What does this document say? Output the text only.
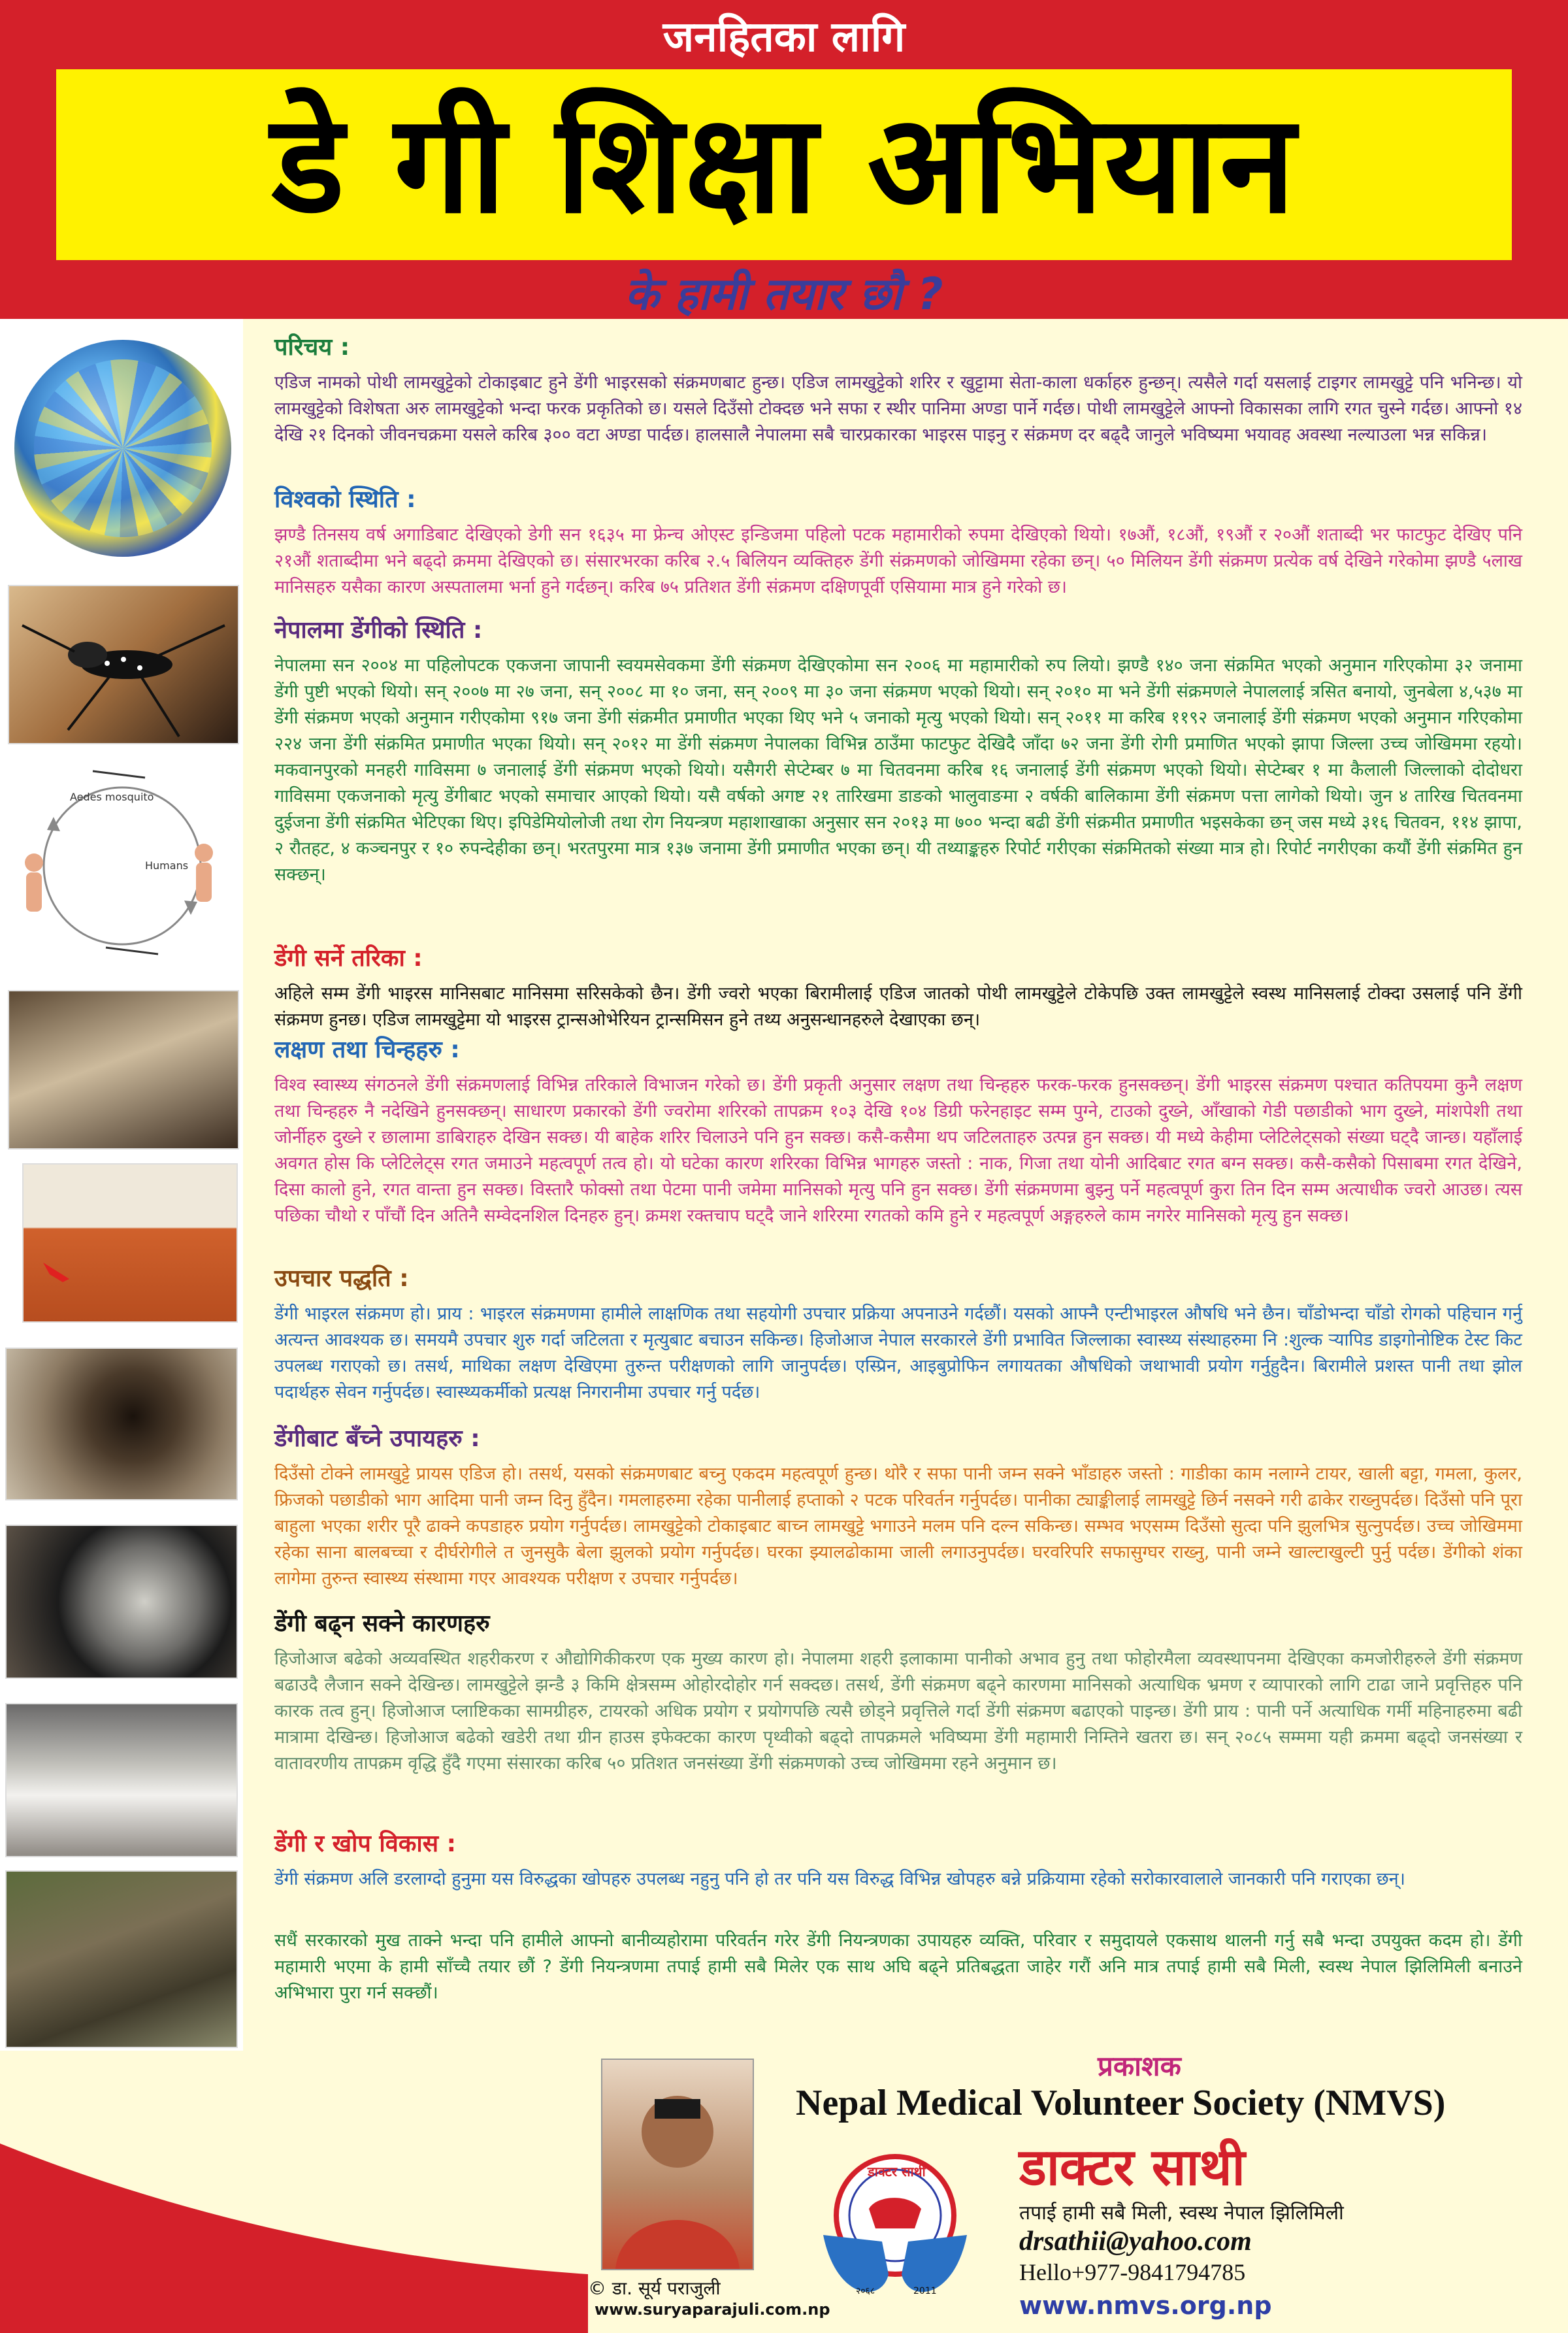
जनहितका लागि
डे गी शिक्षा अभियान
के हामी तयार छौ ?
Aedes mosquito
Humans
परिचय :

एडिज नामको पोथी लामखुट्टेको टोकाइबाट हुने डेंगी भाइरसको संक्रमणबाट हुन्छ। एडिज लामखुट्टेको शरिर र खुट्टामा सेता-काला धर्काहरु हुन्छन्। त्यसैले गर्दा यसलाई टाइगर लामखुट्टे पनि भनिन्छ। यो लामखुट्टेको विशेषता अरु लामखुट्टेको भन्दा फरक प्रकृतिको छ। यसले दिउँसो टोक्दछ भने सफा र स्थीर पानिमा अण्डा पार्ने गर्दछ। पोथी लामखुट्टेले आफ्नो विकासका लागि रगत चुस्ने गर्दछ। आफ्नो १४ देखि २१ दिनको जीवनचक्रमा यसले करिब ३०० वटा अण्डा पार्दछ। हालसालै नेपालमा सबै चारप्रकारका भाइरस पाइनु र संक्रमण दर बढ्दै जानुले भविष्यमा भयावह अवस्था नल्याउला भन्न सकिन्न।

विश्वको स्थिति :

झण्डै तिनसय वर्ष अगाडिबाट देखिएको डेगी सन १६३५ मा फ्रेन्च ओएस्ट इन्डिजमा पहिलो पटक महामारीको रुपमा देखिएको थियो। १७औं, १८औं, १९औं र २०औं शताब्दी भर फाटफुट देखिए पनि २१औं शताब्दीमा भने बढ्दो क्रममा देखिएको छ। संसारभरका करिब २.५ बिलियन व्यक्तिहरु डेंगी संक्रमणको जोखिममा रहेका छन्। ५० मिलियन डेंगी संक्रमण प्रत्येक वर्ष देखिने गरेकोमा झण्डै ५लाख मानिसहरु यसैका कारण अस्पतालमा भर्ना हुने गर्दछन्। करिब ७५ प्रतिशत डेंगी संक्रमण दक्षिणपूर्वी एसियामा मात्र हुने गरेको छ।

नेपालमा डेंगीको स्थिति :

नेपालमा सन २००४ मा पहिलोपटक एकजना जापानी स्वयमसेवकमा डेंगी संक्रमण देखिएकोमा सन २००६ मा महामारीको रुप लियो। झण्डै १४० जना संक्रमित भएको अनुमान गरिएकोमा ३२ जनामा डेंगी पुष्टी भएको थियो। सन् २००७ मा २७ जना, सन् २००८ मा १० जना, सन् २००९ मा ३० जना संक्रमण भएको थियो। सन् २०१० मा भने डेंगी संक्रमणले नेपाललाई त्रसित बनायो, जुनबेला ४,५३७ मा डेंगी संक्रमण भएको अनुमान गरीएकोमा ९१७ जना डेंगी संक्रमीत प्रमाणीत भएका थिए भने ५ जनाको मृत्यु भएको थियो। सन् २०११ मा करिब ११९२ जनालाई डेंगी संक्रमण भएको अनुमान गरिएकोमा २२४ जना डेंगी संक्रमित प्रमाणीत भएका थियो। सन् २०१२ मा डेंगी संक्रमण नेपालका विभिन्न ठाउँमा फाटफुट देखिदै जाँदा ७२ जना डेंगी रोगी प्रमाणित भएको झापा जिल्ला उच्च जोखिममा रहयो। मकवानपुरको मनहरी गाविसमा ७ जनालाई डेंगी संक्रमण भएको थियो। यसैगरी सेप्टेम्बर ७ मा चितवनमा करिब १६ जनालाई डेंगी संक्रमण भएको थियो। सेप्टेम्बर १ मा कैलाली जिल्लाको दोदोधरा गाविसमा एकजनाको मृत्यु डेंगीबाट भएको समाचार आएको थियो। यसै वर्षको अगष्ट २१ तारिखमा डाङको भालुवाङमा २ वर्षकी बालिकामा डेंगी संक्रमण पत्ता लागेको थियो। जुन ४ तारिख चितवनमा दुईजना डेंगी संक्रमित भेटिएका थिए। इपिडेमियोलोजी तथा रोग नियन्त्रण महाशाखाका अनुसार सन २०१३ मा ७०० भन्दा बढी डेंगी संक्रमीत प्रमाणीत भइसकेका छन् जस मध्ये ३१६ चितवन, ११४ झापा, २ रौतहट, ४ कञ्चनपुर र १० रुपन्देहीका छन्। भरतपुरमा मात्र १३७ जनामा डेंगी प्रमाणीत भएका छन्। यी तथ्याङ्कहरु रिपोर्ट गरीएका संक्रमितको संख्या मात्र हो। रिपोर्ट नगरीएका कयौं डेंगी संक्रमित हुन सक्छन्।

डेंगी सर्ने तरिका :

अहिले सम्म डेंगी भाइरस मानिसबाट मानिसमा सरिसकेको छैन। डेंगी ज्वरो भएका बिरामीलाई एडिज जातको पोथी लामखुट्टेले टोकेपछि उक्त लामखुट्टेले स्वस्थ मानिसलाई टोक्दा उसलाई पनि डेंगी संक्रमण हुनछ। एडिज लामखुट्टेमा यो भाइरस ट्रान्सओभेरियन ट्रान्समिसन हुने तथ्य अनुसन्धानहरुले देखाएका छन्।

लक्षण तथा चिन्हहरु :

विश्व स्वास्थ्य संगठनले डेंगी संक्रमणलाई विभिन्न तरिकाले विभाजन गरेको छ। डेंगी प्रकृती अनुसार लक्षण तथा चिन्हहरु फरक-फरक हुनसक्छन्। डेंगी भाइरस संक्रमण पश्चात कतिपयमा कुनै लक्षण तथा चिन्हहरु नै नदेखिने हुनसक्छन्। साधारण प्रकारको डेंगी ज्वरोमा शरिरको तापक्रम १०३ देखि १०४ डिग्री फरेनहाइट सम्म पुग्ने, टाउको दुख्ने, आँखाको गेडी पछाडीको भाग दुख्ने, मांशपेशी तथा जोर्नीहरु दुख्ने र छालामा डाबिराहरु देखिन सक्छ। यी बाहेक शरिर चिलाउने पनि हुन सक्छ। कसै-कसैमा थप जटिलताहरु उत्पन्न हुन सक्छ। यी मध्ये केहीमा प्लेटिलेट्सको संख्या घट्दै जान्छ। यहाँलाई अवगत होस कि प्लेटिलेट्स रगत जमाउने महत्वपूर्ण तत्व हो। यो घटेका कारण शरिरका विभिन्न भागहरु जस्तो : नाक, गिजा तथा योनी आदिबाट रगत बग्न सक्छ। कसै-कसैको पिसाबमा रगत देखिने, दिसा कालो हुने, रगत वान्ता हुन सक्छ। विस्तारै फोक्सो तथा पेटमा पानी जमेमा मानिसको मृत्यु पनि हुन सक्छ। डेंगी संक्रमणमा बुझ्नु पर्ने महत्वपूर्ण कुरा तिन दिन सम्म अत्याधीक ज्वरो आउछ। त्यस पछिका चौथो र पाँचौं दिन अतिनै सम्वेदनशिल दिनहरु हुन्। क्रमश रक्तचाप घट्दै जाने शरिरमा रगतको कमि हुने र महत्वपूर्ण अङ्गहरुले काम नगरेर मानिसको मृत्यु हुन सक्छ।

उपचार पद्धति :

डेंगी भाइरल संक्रमण हो। प्राय : भाइरल संक्रमणमा हामीले लाक्षणिक तथा सहयोगी उपचार प्रक्रिया अपनाउने गर्दछौं। यसको आफ्नै एन्टीभाइरल औषधि भने छैन। चाँडोभन्दा चाँडो रोगको पहिचान गर्नु अत्यन्त आवश्यक छ। समयमै उपचार शुरु गर्दा जटिलता र मृत्युबाट बचाउन सकिन्छ। हिजोआज नेपाल सरकारले डेंगी प्रभावित जिल्लाका स्वास्थ्य संस्थाहरुमा नि :शुल्क र्‍यापिड डाइगोनोष्टिक टेस्ट किट उपलब्ध गराएको छ। तसर्थ, माथिका लक्षण देखिएमा तुरुन्त परीक्षणको लागि जानुपर्दछ। एस्प्रिन, आइबुप्रोफिन लगायतका औषधिको जथाभावी प्रयोग गर्नुहुदैन। बिरामीले प्रशस्त पानी तथा झोल पदार्थहरु सेवन गर्नुपर्दछ। स्वास्थ्यकर्मीको प्रत्यक्ष निगरानीमा उपचार गर्नु पर्दछ।

डेंगीबाट बँच्ने उपायहरु :

दिउँसो टोक्ने लामखुट्टे प्रायस एडिज हो। तसर्थ, यसको संक्रमणबाट बच्नु एकदम महत्वपूर्ण हुन्छ। थोरै र सफा पानी जम्न सक्ने भाँडाहरु जस्तो : गाडीका काम नलाग्ने टायर, खाली बट्टा, गमला, कुलर, फ्रिजको पछाडीको भाग आदिमा पानी जम्न दिनु हुँदैन। गमलाहरुमा रहेका पानीलाई हप्ताको २ पटक परिवर्तन गर्नुपर्दछ। पानीका ट्याङ्कीलाई लामखुट्टे छिर्न नसक्ने गरी ढाकेर राख्नुपर्दछ। दिउँसो पनि पूरा बाहुला भएका शरीर पूरै ढाक्ने कपडाहरु प्रयोग गर्नुपर्दछ। लामखुट्टेको टोकाइबाट बाच्न लामखुट्टे भगाउने मलम पनि दल्न सकिन्छ। सम्भव भएसम्म दिउँसो सुत्दा पनि झुलभित्र सुत्नुपर्दछ। उच्च जोखिममा रहेका साना बालबच्चा र दीर्घरोगीले त जुनसुकै बेला झुलको प्रयोग गर्नुपर्दछ। घरका झ्यालढोकामा जाली लगाउनुपर्दछ। घरवरिपरि सफासुग्घर राख्नु, पानी जम्ने खाल्टाखुल्टी पुर्नु पर्दछ। डेंगीको शंका लागेमा तुरुन्त स्वास्थ्य संस्थामा गएर आवश्यक परीक्षण र उपचार गर्नुपर्दछ।

डेंगी बढ्न सक्ने कारणहरु

हिजोआज बढेको अव्यवस्थित शहरीकरण र औद्योगिकीकरण एक मुख्य कारण हो। नेपालमा शहरी इलाकामा पानीको अभाव हुनु तथा फोहोरमैला व्यवस्थापनमा देखिएका कमजोरीहरुले डेंगी संक्रमण बढाउदै लैजान सक्ने देखिन्छ। लामखुट्टेले झन्डै ३ किमि क्षेत्रसम्म ओहोरदोहोर गर्न सक्दछ। तसर्थ, डेंगी संक्रमण बढ्ने कारणमा मानिसको अत्याधिक भ्रमण र व्यापारको लागि टाढा जाने प्रवृत्तिहरु पनि कारक तत्व हुन्। हिजोआज प्लाष्टिकका सामग्रीहरु, टायरको अधिक प्रयोग र प्रयोगपछि त्यसै छोड्ने प्रवृत्तिले गर्दा डेंगी संक्रमण बढाएको पाइन्छ। डेंगी प्राय : पानी पर्ने अत्याधिक गर्मी महिनाहरुमा बढी मात्रामा देखिन्छ। हिजोआज बढेको खडेरी तथा ग्रीन हाउस इफेक्टका कारण पृथ्वीको बढ्दो तापक्रमले भविष्यमा डेंगी महामारी निम्तिने खतरा छ। सन् २०८५ सम्ममा यही क्रममा बढ्दो जनसंख्या र वातावरणीय तापक्रम वृद्धि हुँदै गएमा संसारका करिब ५० प्रतिशत जनसंख्या डेंगी संक्रमणको उच्च जोखिममा रहने अनुमान छ।

डेंगी र खोप विकास :

डेंगी संक्रमण अलि डरलाग्दो हुनुमा यस विरुद्धका खोपहरु उपलब्ध नहुनु पनि हो तर पनि यस विरुद्ध विभिन्न खोपहरु बन्ने प्रक्रियामा रहेको सरोकारवालाले जानकारी पनि गराएका छन्।

सधैं सरकारको मुख ताक्ने भन्दा पनि हामीले आफ्नो बानीव्यहोरामा परिवर्तन गरेर डेंगी नियन्त्रणका उपायहरु व्यक्ति, परिवार र समुदायले एकसाथ थालनी गर्नु सबै भन्दा उपयुक्त कदम हो। डेंगी महामारी भएमा के हामी साँच्चै तयार छौं ? डेंगी नियन्त्रणमा तपाई हामी सबै मिलेर एक साथ अघि बढ्ने प्रतिबद्धता जाहेर गरौं अनि मात्र तपाई हामी सबै मिली, स्वस्थ नेपाल झिलिमिली बनाउने अभिभारा पुरा गर्न सक्छौं।

© डा. सूर्य पराजुली
www.suryaparajuli.com.np
प्रकाशक
Nepal Medical Volunteer Society (NMVS)
डाक्टर साथी
२०६८	2011
डाक्टर साथी
तपाई हामी सबै मिली, स्वस्थ नेपाल झिलिमिली
drsathii@yahoo.com
Hello+977-9841794785
www.nmvs.org.np
